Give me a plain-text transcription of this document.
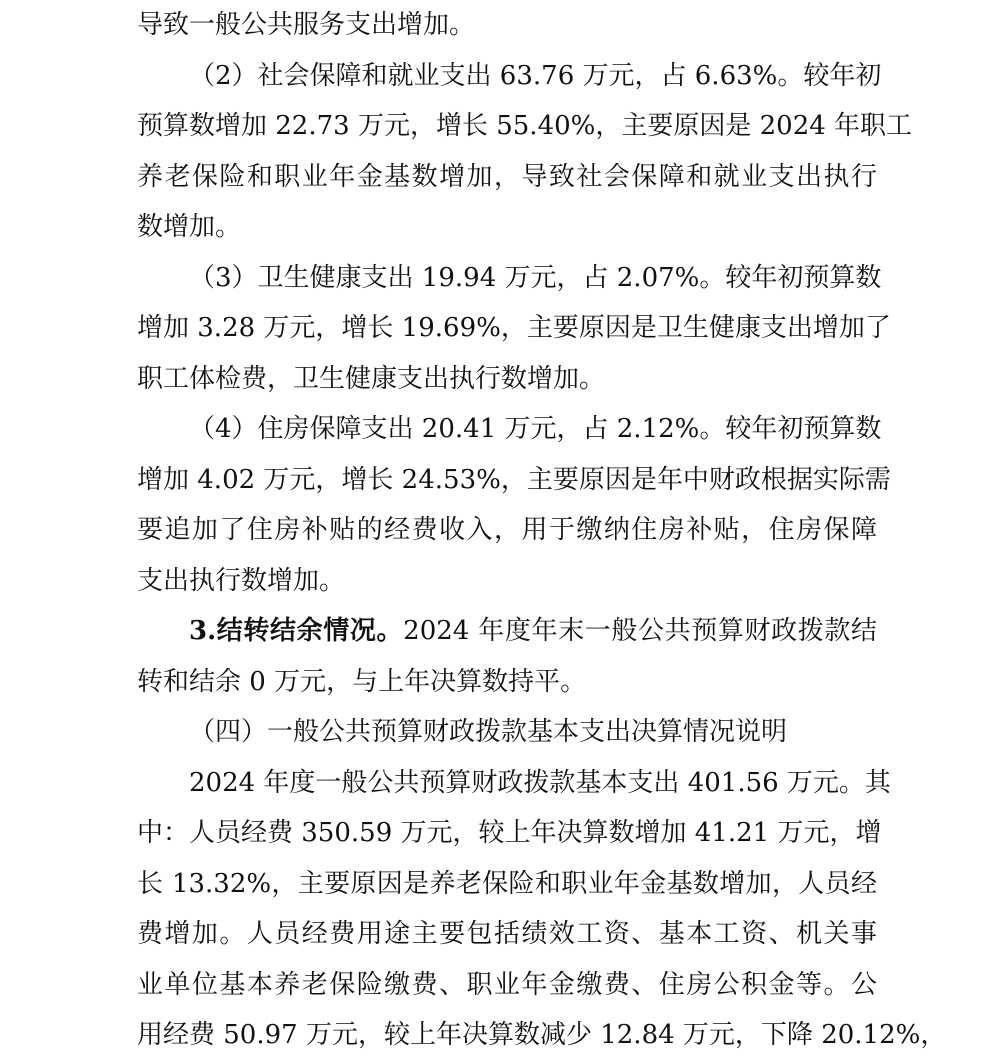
导致一般公共服务支出增加。
（2）社会保障和就业支出 63.76 万元，占 6.63%。较年初
预算数增加 22.73 万元，增长 55.40%，主要原因是 2024 年职工
养老保险和职业年金基数增加，导致社会保障和就业支出执行
数增加。
（3）卫生健康支出 19.94 万元，占 2.07%。较年初预算数
增加 3.28 万元，增长 19.69%，主要原因是卫生健康支出增加了
职工体检费，卫生健康支出执行数增加。
（4）住房保障支出 20.41 万元，占 2.12%。较年初预算数
增加 4.02 万元，增长 24.53%，主要原因是年中财政根据实际需
要追加了住房补贴的经费收入，用于缴纳住房补贴，住房保障
支出执行数增加。
3.结转结余情况。2024 年度年末一般公共预算财政拨款结
转和结余 0 万元，与上年决算数持平。
（四）一般公共预算财政拨款基本支出决算情况说明
2024 年度一般公共预算财政拨款基本支出 401.56 万元。其
中：人员经费 350.59 万元，较上年决算数增加 41.21 万元，增
长 13.32%，主要原因是养老保险和职业年金基数增加，人员经
费增加。人员经费用途主要包括绩效工资、基本工资、机关事
业单位基本养老保险缴费、职业年金缴费、住房公积金等。公
用经费 50.97 万元，较上年决算数减少 12.84 万元，下降 20.12%，
